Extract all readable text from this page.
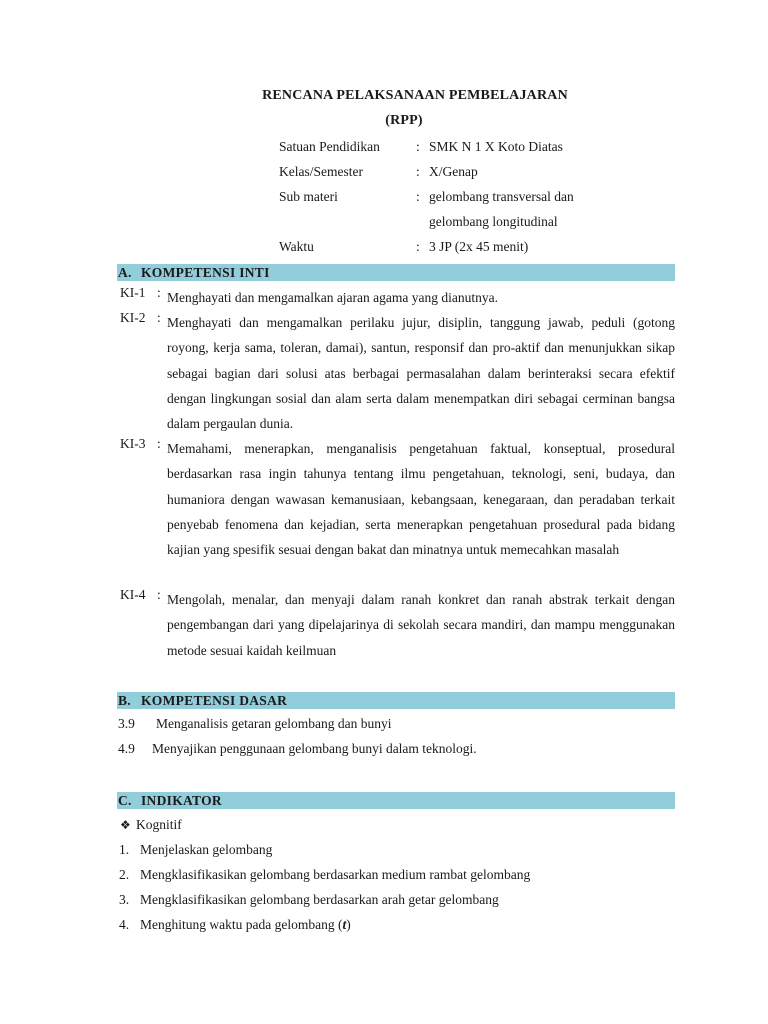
RENCANA PELAKSANAAN PEMBELAJARAN
(RPP)
Satuan Pendidikan	: SMK N 1 X Koto Diatas
Kelas/Semester	: X/Genap
Sub materi	: gelombang transversal dan
gelombang longitudinal
Waktu	: 3 JP (2x 45 menit)
A. KOMPETENSI INTI
KI-1 : Menghayati dan mengamalkan ajaran agama yang dianutnya.
KI-2 : Menghayati dan mengamalkan perilaku jujur, disiplin, tanggung jawab, peduli (gotong royong, kerja sama, toleran, damai), santun, responsif dan pro-aktif dan menunjukkan sikap sebagai bagian dari solusi atas berbagai permasalahan dalam berinteraksi secara efektif dengan lingkungan sosial dan alam serta dalam menempatkan diri sebagai cerminan bangsa dalam pergaulan dunia.
KI-3 : Memahami, menerapkan, menganalisis pengetahuan faktual, konseptual, prosedural berdasarkan rasa ingin tahunya tentang ilmu pengetahuan, teknologi, seni, budaya, dan humaniora dengan wawasan kemanusiaan, kebangsaan, kenegaraan, dan peradaban terkait penyebab fenomena dan kejadian, serta menerapkan pengetahuan prosedural pada bidang kajian yang spesifik sesuai dengan bakat dan minatnya untuk memecahkan masalah
KI-4 : Mengolah, menalar, dan menyaji dalam ranah konkret dan ranah abstrak terkait dengan pengembangan dari yang dipelajarinya di sekolah secara mandiri, dan mampu menggunakan metode sesuai kaidah keilmuan
B. KOMPETENSI DASAR
3.9 Menganalisis getaran gelombang dan bunyi
4.9 Menyajikan penggunaan gelombang bunyi dalam teknologi.
C. INDIKATOR
❖ Kognitif
1. Menjelaskan gelombang
2. Mengklasifikasikan gelombang berdasarkan medium rambat gelombang
3. Mengklasifikasikan gelombang berdasarkan arah getar gelombang
4. Menghitung waktu pada gelombang (t)
